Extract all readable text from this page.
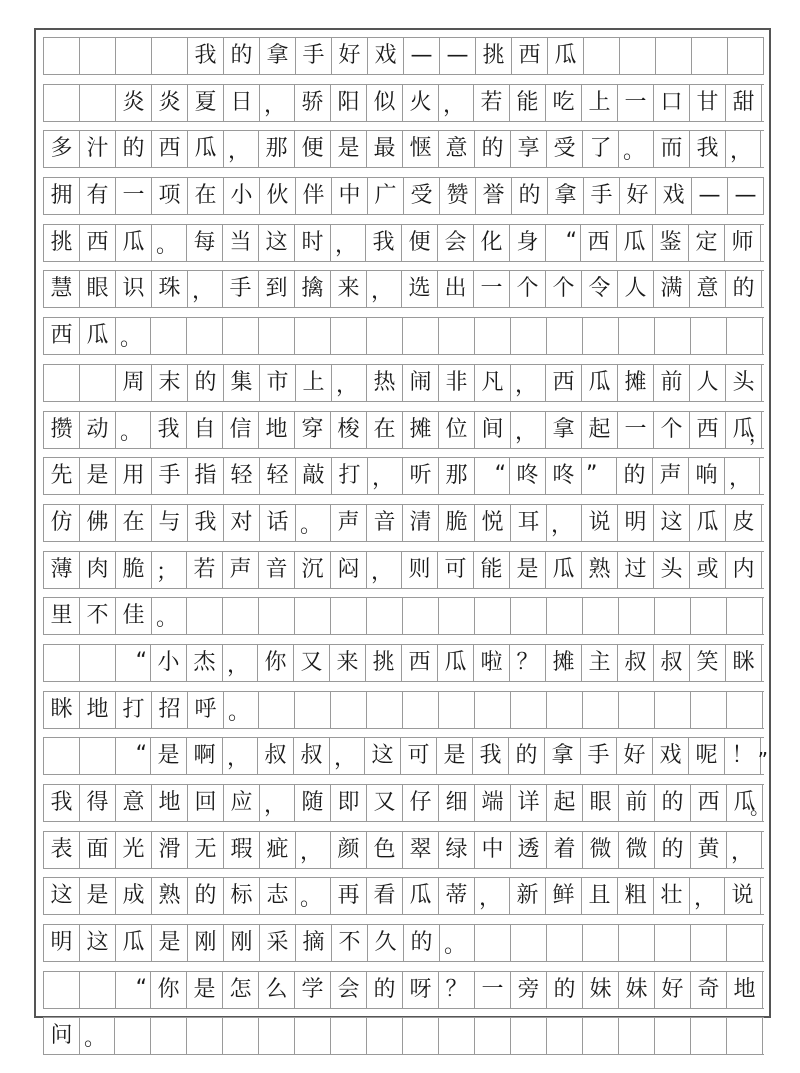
我 的 拿 手 好 戏 — — 挑 西 瓜
炎 炎 夏 日 ， 骄 阳 似 火 ， 若 能 吃 上 一 口 甘 甜
多 汁 的 西 瓜 ， 那 便 是 最 惬 意 的 享 受 了 。 而 我 ，
拥 有 一 项 在 小 伙 伴 中 广 受 赞 誉 的 拿 手 好 戏 — —
挑 西 瓜 。 每 当 这 时 ， 我 便 会 化 身	“ 西 瓜 鉴 定 师
慧 眼 识 珠 ， 手 到 擒 来 ， 选 出 一 个 个 令 人 满 意 的
西 瓜 。
周 末 的 集 市 上 ， 热 闹 非 凡 ， 西 瓜 摊 前 人 头
攒 动 。 我 自 信 地 穿 梭 在 摊 位 间 ， 拿 起 一 个 西 瓜
，
先 是 用 手 指 轻 轻 敲 打 ， 听 那	“ 咚 咚 ”	的 声 响 ，
仿 佛 在 与 我 对 话 。 声 音 清 脆 悦 耳 ， 说 明 这 瓜 皮
薄 肉 脆 ； 若 声 音 沉 闷 ， 则 可 能 是 瓜 熟 过 头 或 内
里 不 佳 。
“ 小 杰 ， 你 又 来 挑 西 瓜 啦 ？ 摊 主 叔 叔 笑 眯
眯 地 打 招 呼 。
“ 是 啊 ， 叔 叔 ， 这 可 是 我 的 拿 手 好 戏 呢 ！ ”
我 得 意 地 回 应 ， 随 即 又 仔 细 端 详 起 眼 前 的 西 瓜
。
表 面 光 滑 无 瑕 疵 ， 颜 色 翠 绿 中 透 着 微 微 的 黄 ，
这 是 成 熟 的 标 志 。 再 看 瓜 蒂 ， 新 鲜 且 粗 壮 ， 说
明 这 瓜 是 刚 刚 采 摘 不 久 的 。
“ 你 是 怎 么 学 会 的 呀 ？ 一 旁 的 妹 妹 好 奇 地
问 。
